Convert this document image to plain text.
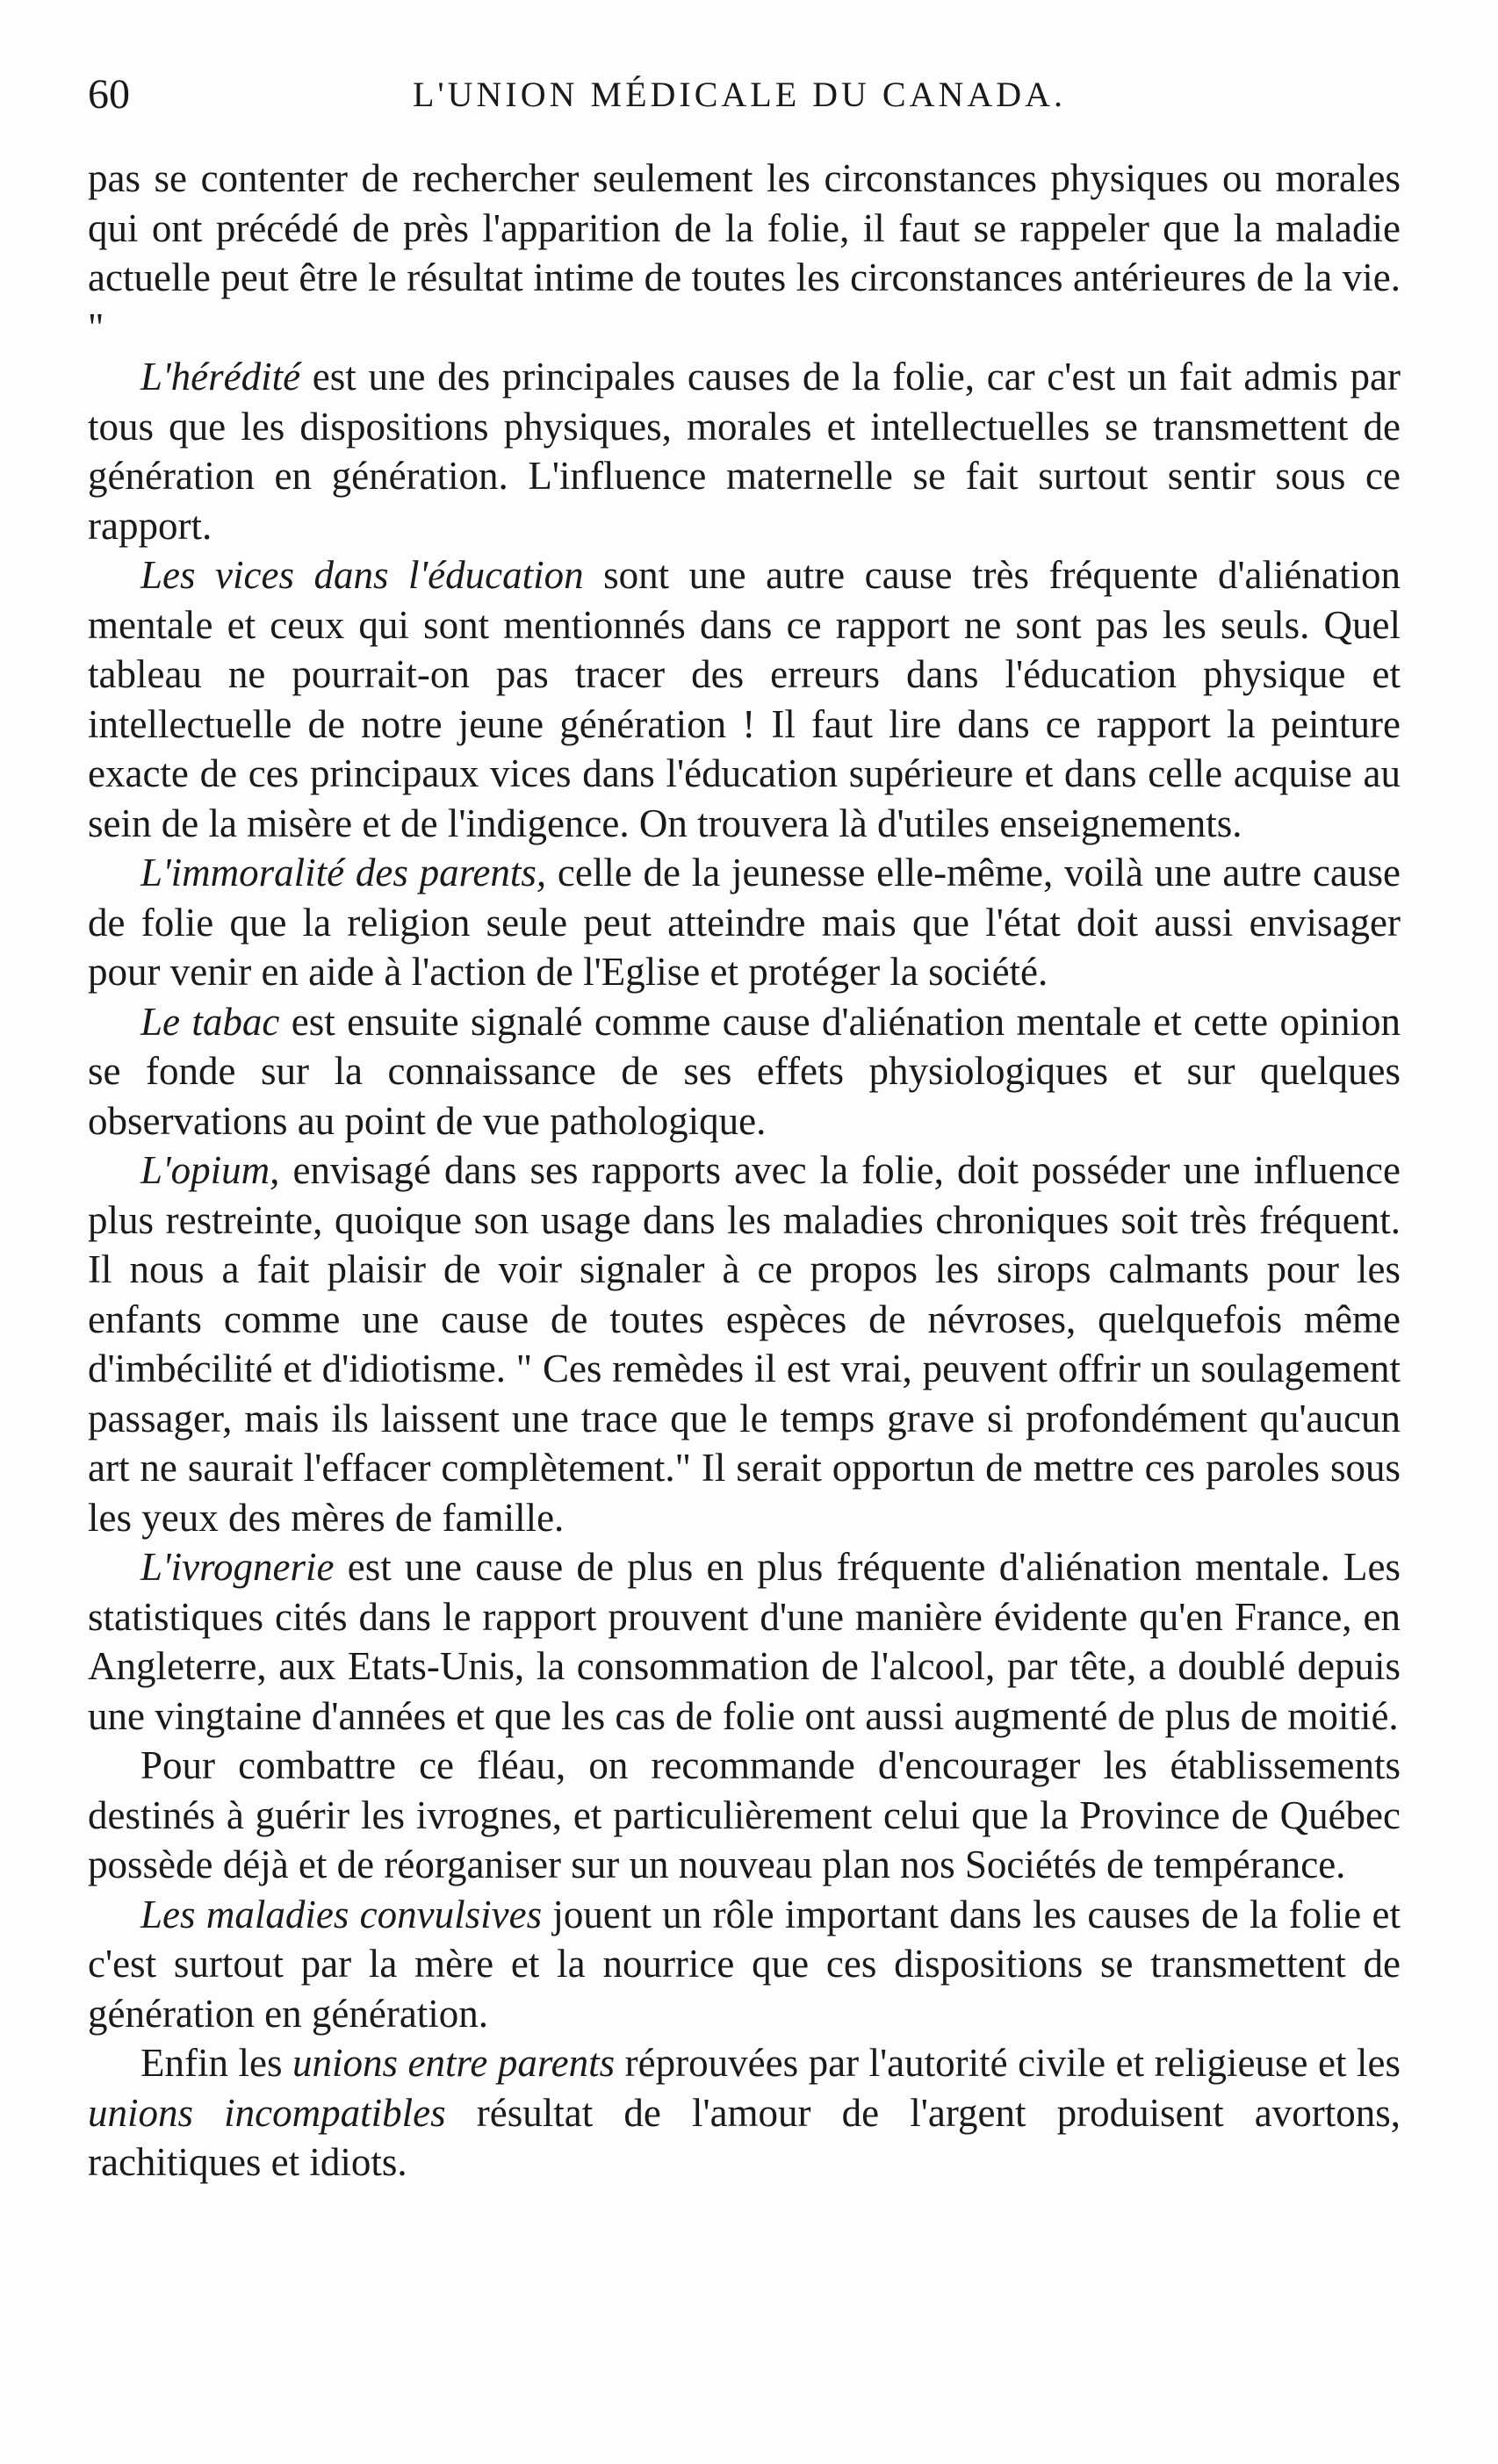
60	L'UNION MÉDICALE DU CANADA.

pas se contenter de rechercher seulement les circonstances physiques ou morales qui ont précédé de près l'apparition de la folie, il faut se rappeler que la maladie actuelle peut être le résultat intime de toutes les circonstances antérieures de la vie. "

L'hérédité est une des principales causes de la folie, car c'est un fait admis par tous que les dispositions physiques, morales et intellectuelles se transmettent de génération en génération. L'influence maternelle se fait surtout sentir sous ce rapport.

Les vices dans l'éducation sont une autre cause très fréquente d'aliénation mentale et ceux qui sont mentionnés dans ce rapport ne sont pas les seuls. Quel tableau ne pourrait-on pas tracer des erreurs dans l'éducation physique et intellectuelle de notre jeune génération ! Il faut lire dans ce rapport la peinture exacte de ces principaux vices dans l'éducation supérieure et dans celle acquise au sein de la misère et de l'indigence. On trouvera là d'utiles enseignements.

L'immoralité des parents, celle de la jeunesse elle-même, voilà une autre cause de folie que la religion seule peut atteindre mais que l'état doit aussi envisager pour venir en aide à l'action de l'Eglise et protéger la société.

Le tabac est ensuite signalé comme cause d'aliénation mentale et cette opinion se fonde sur la connaissance de ses effets physiologiques et sur quelques observations au point de vue pathologique.

L'opium, envisagé dans ses rapports avec la folie, doit posséder une influence plus restreinte, quoique son usage dans les maladies chroniques soit très fréquent. Il nous a fait plaisir de voir signaler à ce propos les sirops calmants pour les enfants comme une cause de toutes espèces de névroses, quelquefois même d'imbécilité et d'idiotisme. " Ces remèdes il est vrai, peuvent offrir un soulagement passager, mais ils laissent une trace que le temps grave si profondément qu'aucun art ne saurait l'effacer complètement." Il serait opportun de mettre ces paroles sous les yeux des mères de famille.

L'ivrognerie est une cause de plus en plus fréquente d'aliénation mentale. Les statistiques cités dans le rapport prouvent d'une manière évidente qu'en France, en Angleterre, aux Etats-Unis, la consommation de l'alcool, par tête, a doublé depuis une vingtaine d'années et que les cas de folie ont aussi augmenté de plus de moitié.

Pour combattre ce fléau, on recommande d'encourager les établissements destinés à guérir les ivrognes, et particulièrement celui que la Province de Québec possède déjà et de réorganiser sur un nouveau plan nos Sociétés de tempérance.

Les maladies convulsives jouent un rôle important dans les causes de la folie et c'est surtout par la mère et la nourrice que ces dispositions se transmettent de génération en génération.

Enfin les unions entre parents réprouvées par l'autorité civile et religieuse et les unions incompatibles résultat de l'amour de l'argent produisent avortons, rachitiques et idiots.
